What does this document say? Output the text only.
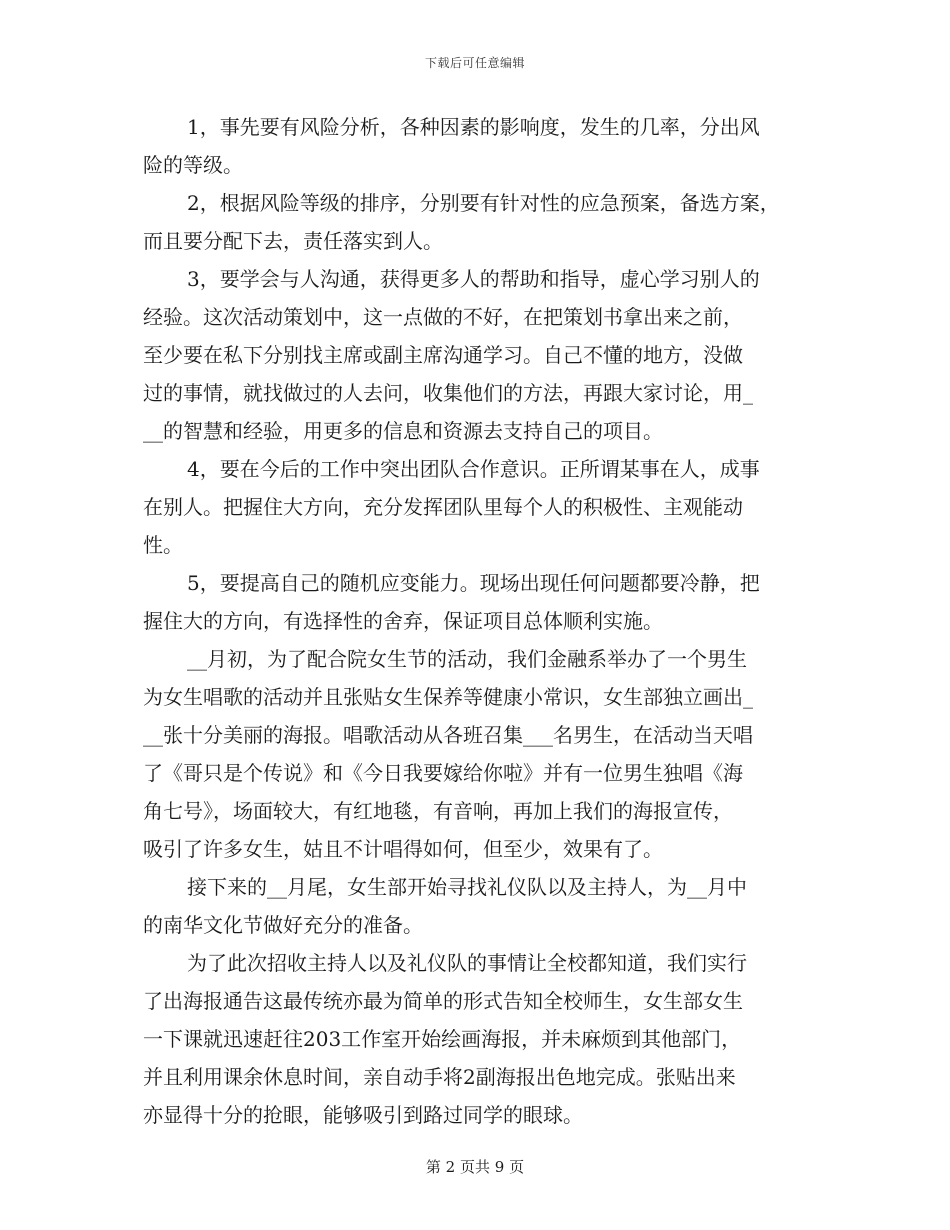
下载后可任意编辑
1，事先要有风险分析，各种因素的影响度，发生的几率，分出风
险的等级。
2，根据风险等级的排序，分别要有针对性的应急预案，备选方案，
而且要分配下去，责任落实到人。
3，要学会与人沟通，获得更多人的帮助和指导，虚心学习别人的
经验。这次活动策划中，这一点做的不好，在把策划书拿出来之前，
至少要在私下分别找主席或副主席沟通学习。自己不懂的地方，没做
过的事情，就找做过的人去问，收集他们的方法，再跟大家讨论，用_
__的智慧和经验，用更多的信息和资源去支持自己的项目。
4，要在今后的工作中突出团队合作意识。正所谓某事在人，成事
在别人。把握住大方向，充分发挥团队里每个人的积极性、主观能动
性。
5，要提高自己的随机应变能力。现场出现任何问题都要冷静，把
握住大的方向，有选择性的舍弃，保证项目总体顺利实施。
__月初，为了配合院女生节的活动，我们金融系举办了一个男生
为女生唱歌的活动并且张贴女生保养等健康小常识，女生部独立画出_
__张十分美丽的海报。唱歌活动从各班召集___名男生，在活动当天唱
了《哥只是个传说》和《今日我要嫁给你啦》并有一位男生独唱《海
角七号》，场面较大，有红地毯，有音响，再加上我们的海报宣传，
吸引了许多女生，姑且不计唱得如何，但至少，效果有了。
接下来的__月尾，女生部开始寻找礼仪队以及主持人，为__月中
的南华文化节做好充分的准备。
为了此次招收主持人以及礼仪队的事情让全校都知道，我们实行
了出海报通告这最传统亦最为简单的形式告知全校师生，女生部女生
一下课就迅速赶往203工作室开始绘画海报，并未麻烦到其他部门，
并且利用课余休息时间，亲自动手将2副海报出色地完成。张贴出来
亦显得十分的抢眼，能够吸引到路过同学的眼球。
第 2 页共 9 页
